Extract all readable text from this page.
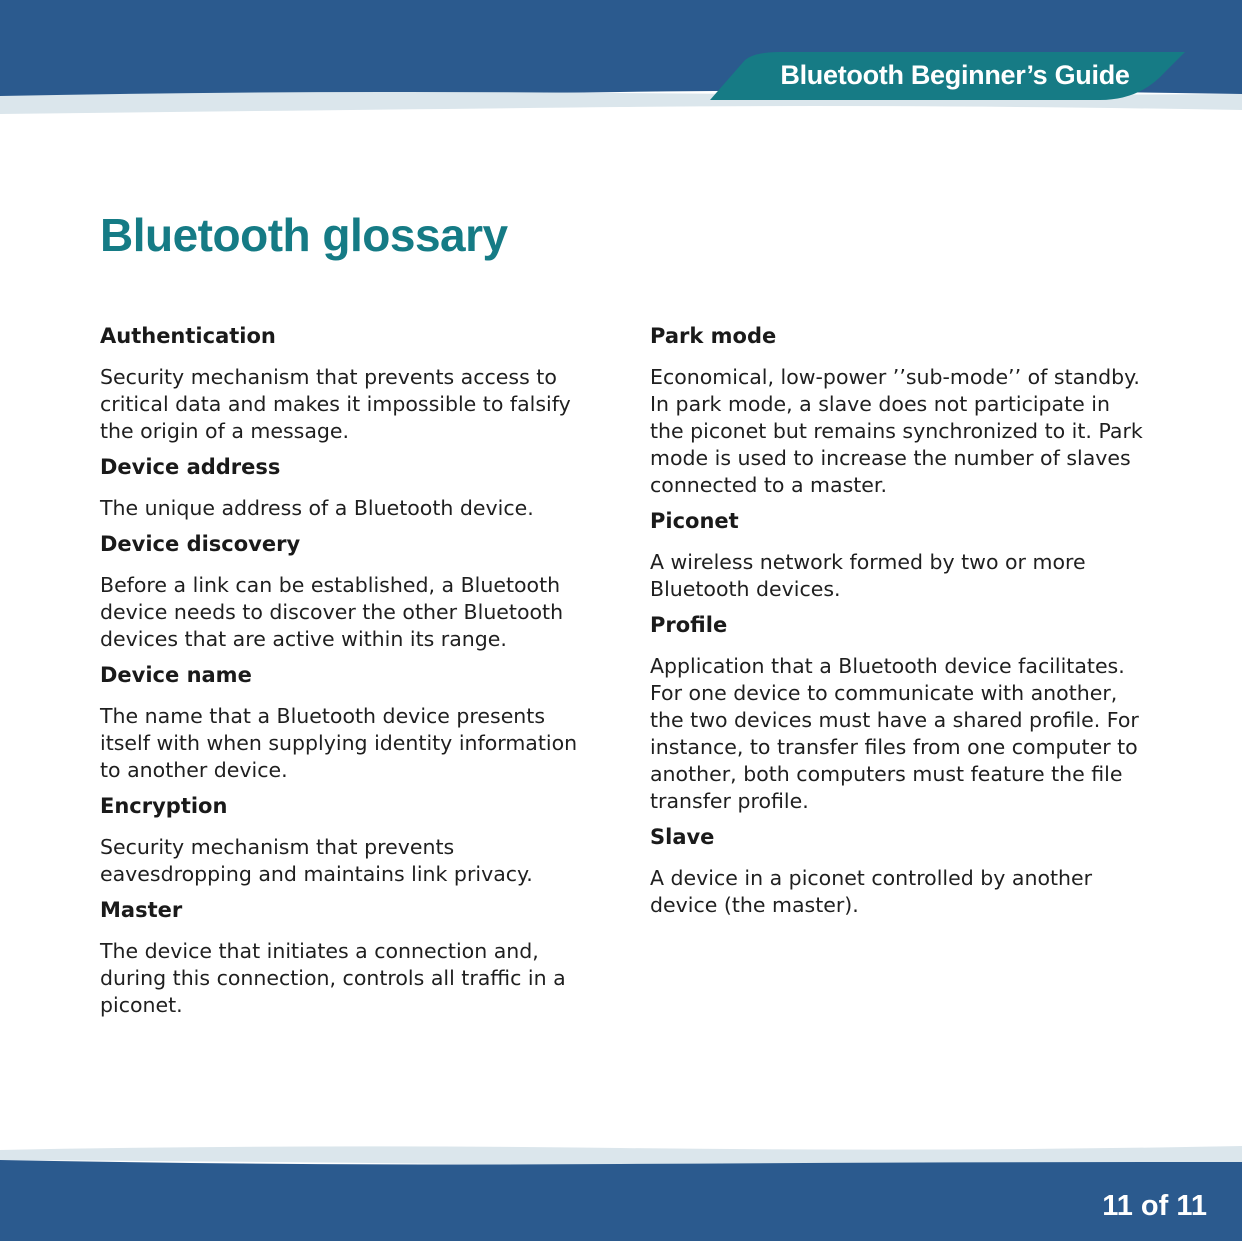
Bluetooth Beginner’s Guide
Bluetooth glossary

Authentication

Security mechanism that prevents access to critical data and makes it impossible to falsify the origin of a message.

Device address

The unique address of a Bluetooth device.

Device discovery

Before a link can be established, a Bluetooth device needs to discover the other Bluetooth devices that are active within its range.

Device name

The name that a Bluetooth device presents itself with when supplying identity information to another device.

Encryption

Security mechanism that prevents eavesdropping and maintains link privacy.

Master

The device that initiates a connection and, during this connection, controls all traffic in a piconet.

Park mode

Economical, low-power ’’sub-mode’’ of standby. In park mode, a slave does not participate in the piconet but remains synchronized to it. Park mode is used to increase the number of slaves connected to a master.

Piconet

A wireless network formed by two or more Bluetooth devices.

Profile

Application that a Bluetooth device facilitates. For one device to communicate with another, the two devices must have a shared profile. For instance, to transfer files from one computer to another, both computers must feature the file transfer profile.

Slave

A device in a piconet controlled by another device (the master).

11 of 11
